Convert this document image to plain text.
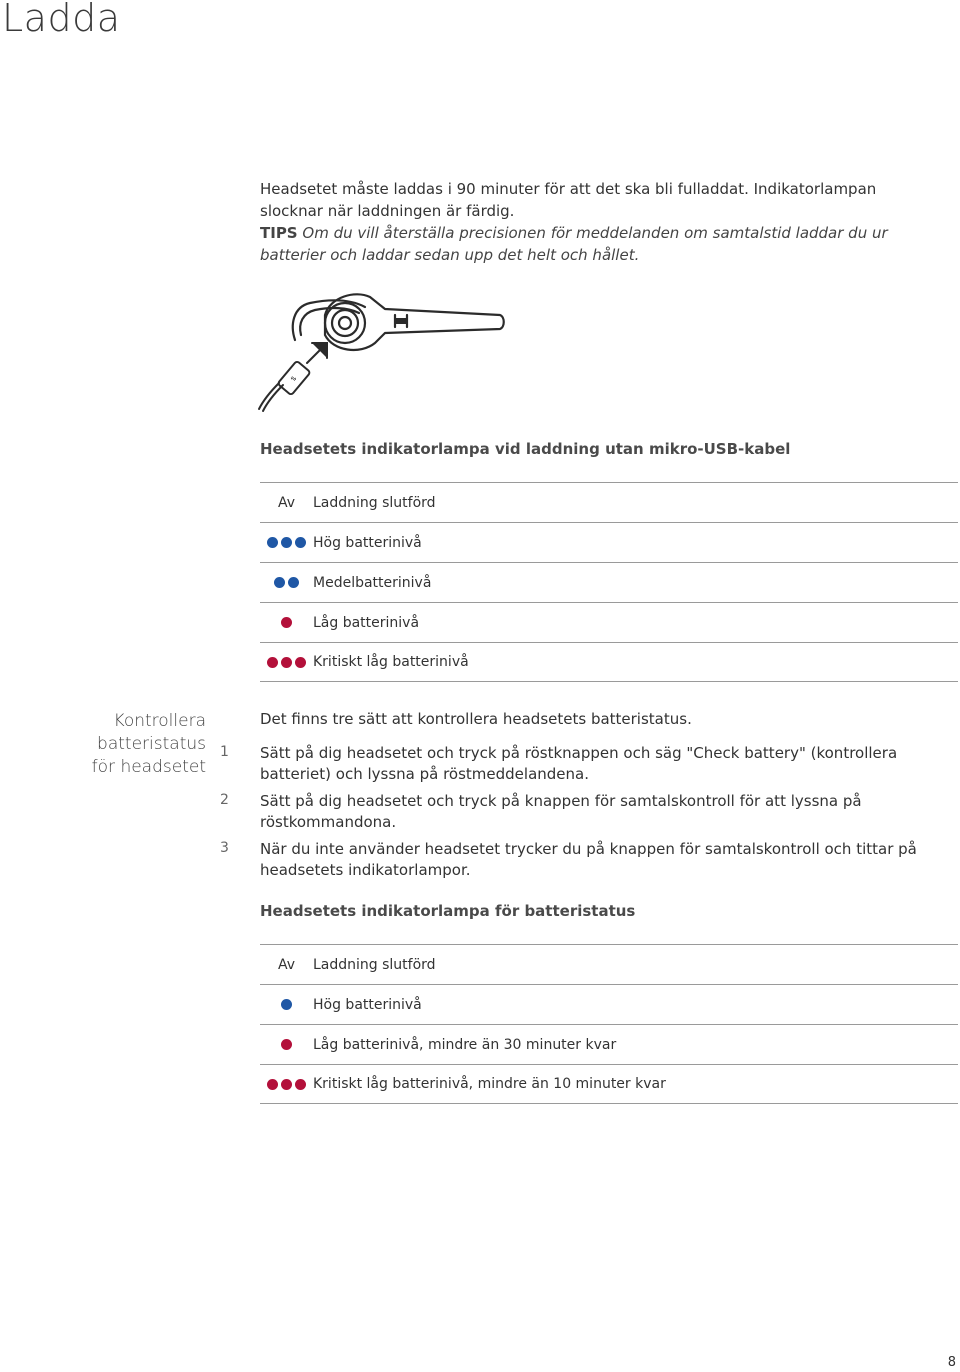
Ladda

Headsetet måste laddas i 90 minuter för att det ska bli fulladdat. Indikatorlampan slocknar när laddningen är färdig.

TIPS Om du vill återställa precisionen för meddelanden om samtalstid laddar du ur batterier och laddar sedan upp det helt och hållet.

⇌
Headsetets indikatorlampa vid laddning utan mikro-USB-kabel
Av Laddning slutförd
Hög batterinivå
Medelbatterinivå
Låg batterinivå
Kritiskt låg batterinivå
Kontrollera batteristatus
för headsetet
Det finns tre sätt att kontrollera headsetets batteristatus.
1	Sätt på dig headsetet och tryck på röstknappen och säg "Check battery" (kontrollera batteriet) och lyssna på röstmeddelandena.
2	Sätt på dig headsetet och tryck på knappen för samtalskontroll för att lyssna på röstkommandona.
3	När du inte använder headsetet trycker du på knappen för samtalskontroll och tittar på headsetets indikatorlampor.
Headsetets indikatorlampa för batteristatus
Av Laddning slutförd
Hög batterinivå
Låg batterinivå, mindre än 30 minuter kvar
Kritiskt låg batterinivå, mindre än 10 minuter kvar
8
